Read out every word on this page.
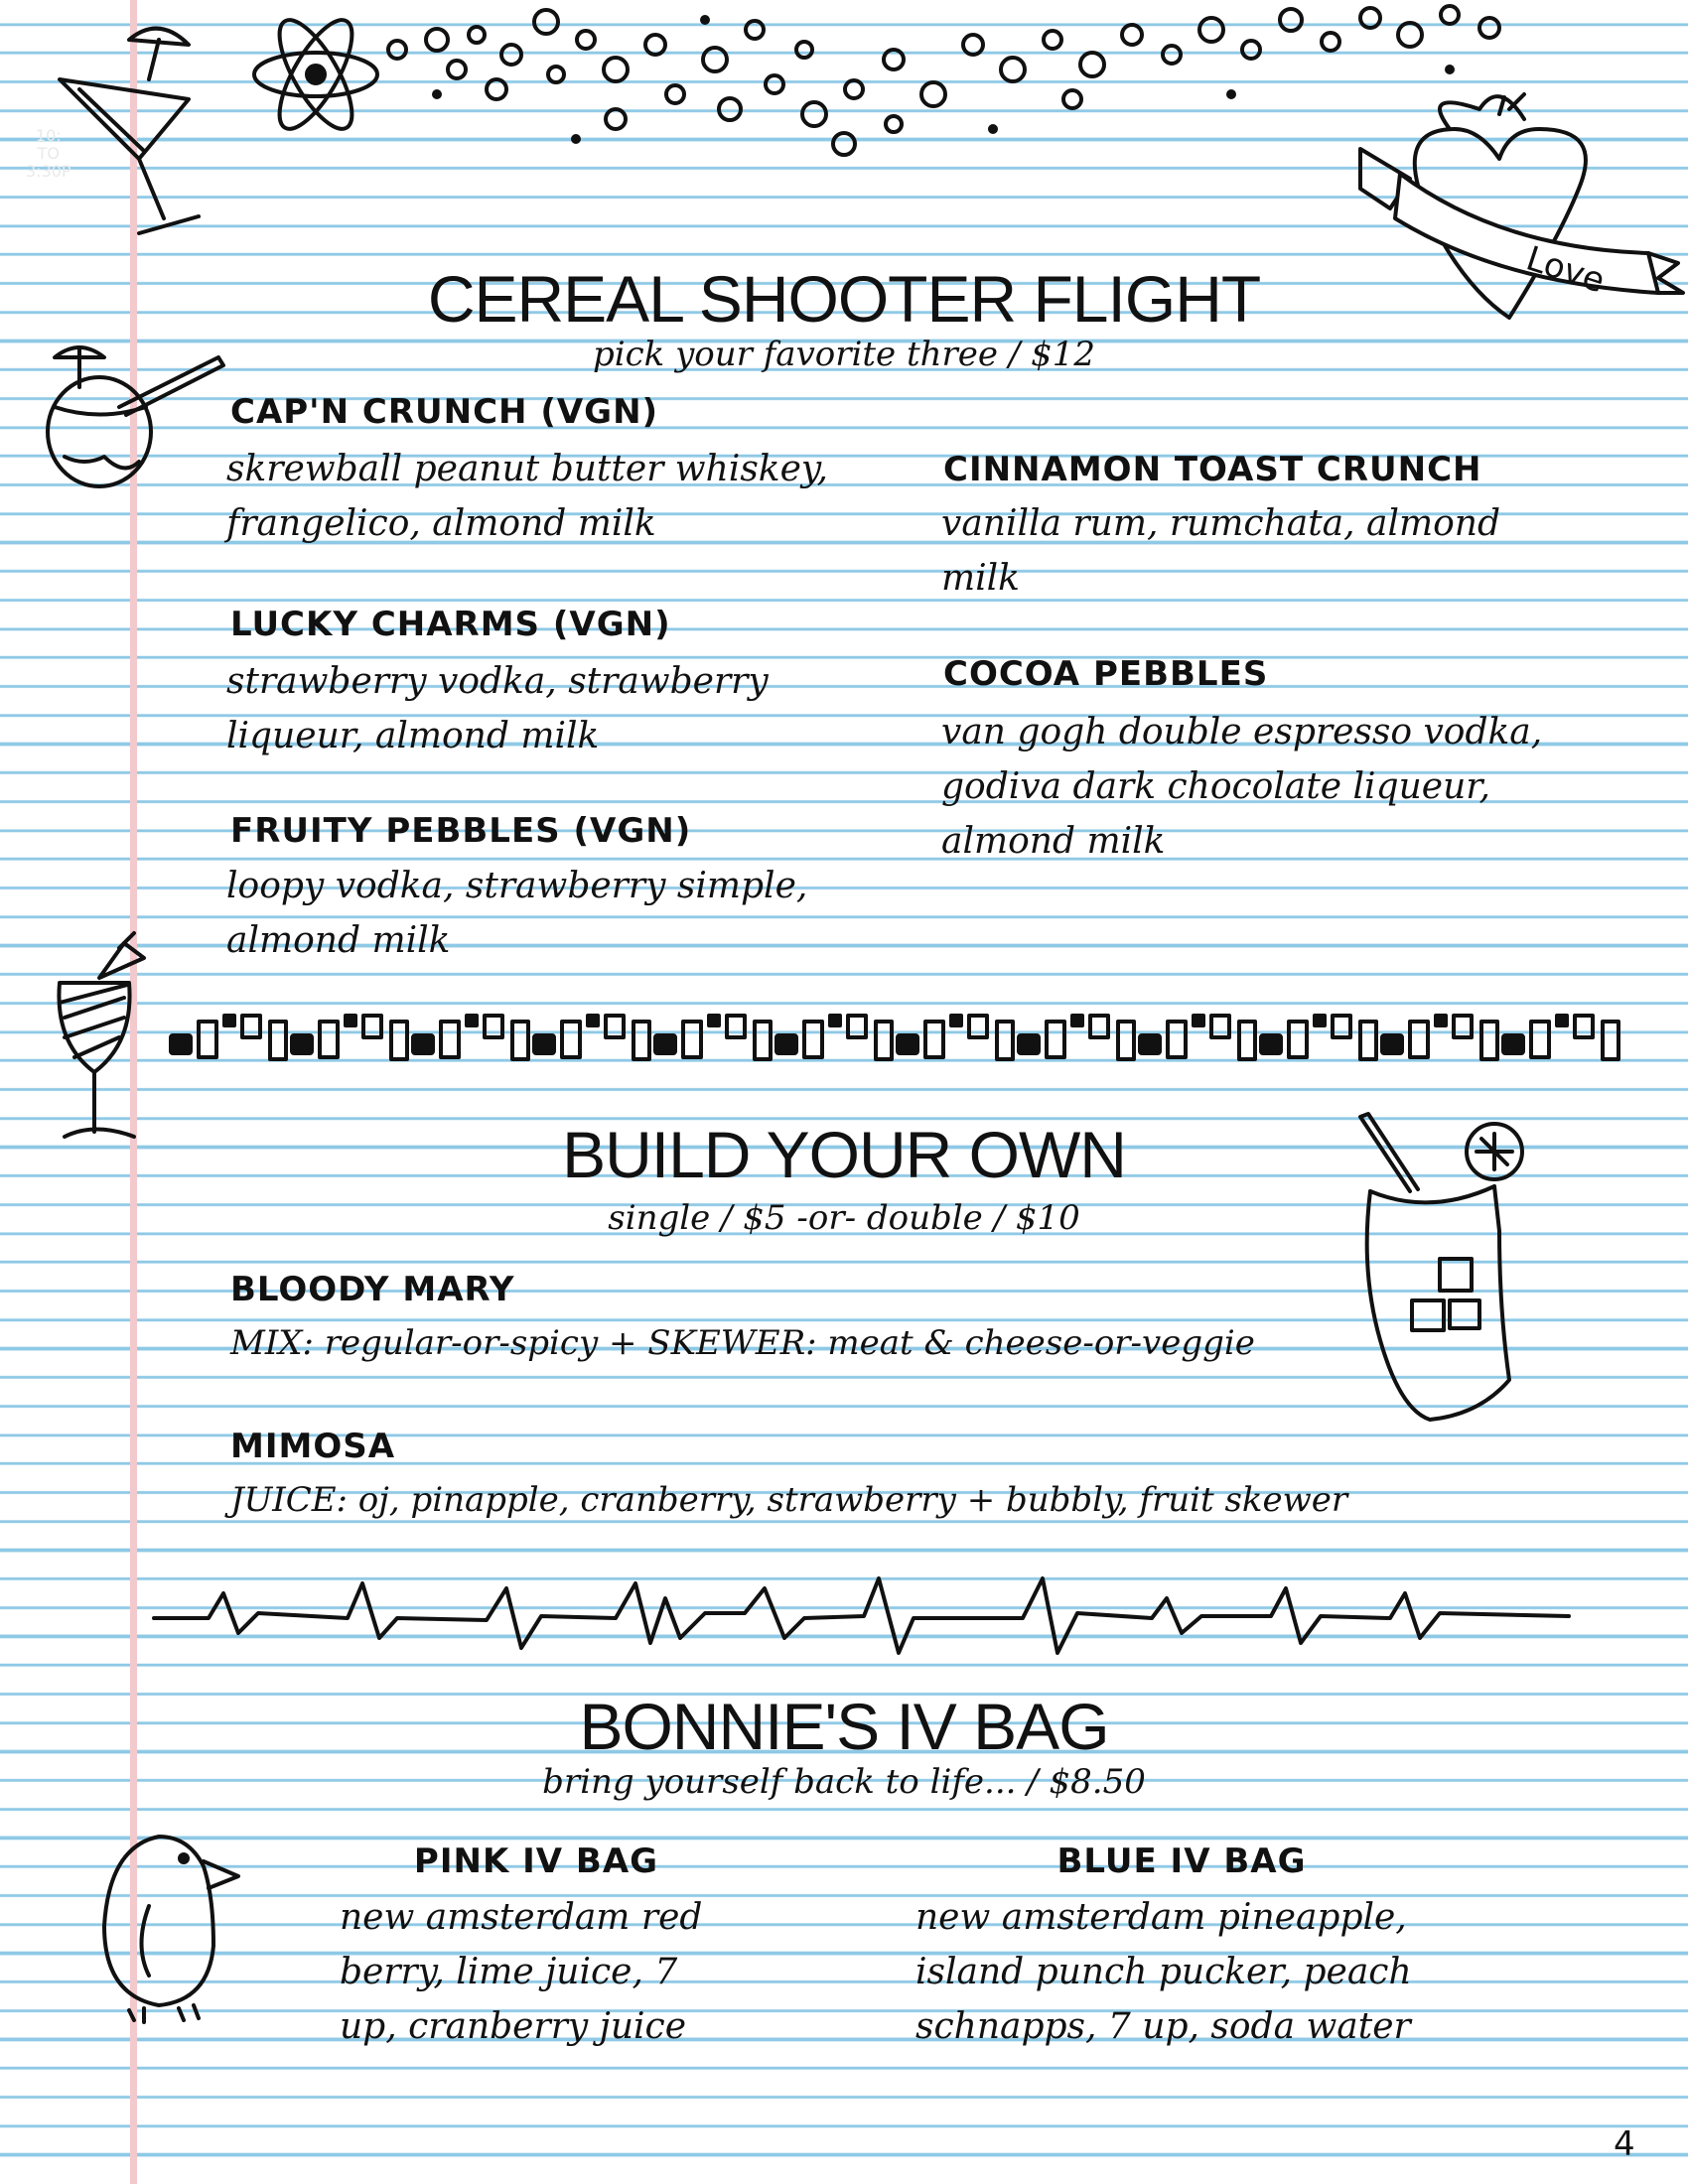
10:
TO
3:30P
Love
CEREAL SHOOTER FLIGHT
pick your favorite three / $12
CAP'N CRUNCH (VGN)
skrewball peanut butter whiskey,
frangelico, almond milk
LUCKY CHARMS (VGN)
strawberry vodka, strawberry
liqueur, almond milk
FRUITY PEBBLES (VGN)
loopy vodka, strawberry simple,
almond milk
CINNAMON TOAST CRUNCH
vanilla rum, rumchata, almond
milk
COCOA PEBBLES
van gogh double espresso vodka,
godiva dark chocolate liqueur,
almond milk
BUILD YOUR OWN
single / $5 -or- double / $10
BLOODY MARY
MIX: regular-or-spicy + SKEWER: meat & cheese-or-veggie
MIMOSA
JUICE: oj, pinapple, cranberry, strawberry + bubbly, fruit skewer
BONNIE'S IV BAG
bring yourself back to life... / $8.50
PINK IV BAG
new amsterdam red
berry, lime juice, 7
up, cranberry juice
BLUE IV BAG
new amsterdam pineapple,
island punch pucker, peach
schnapps, 7 up, soda water
4
